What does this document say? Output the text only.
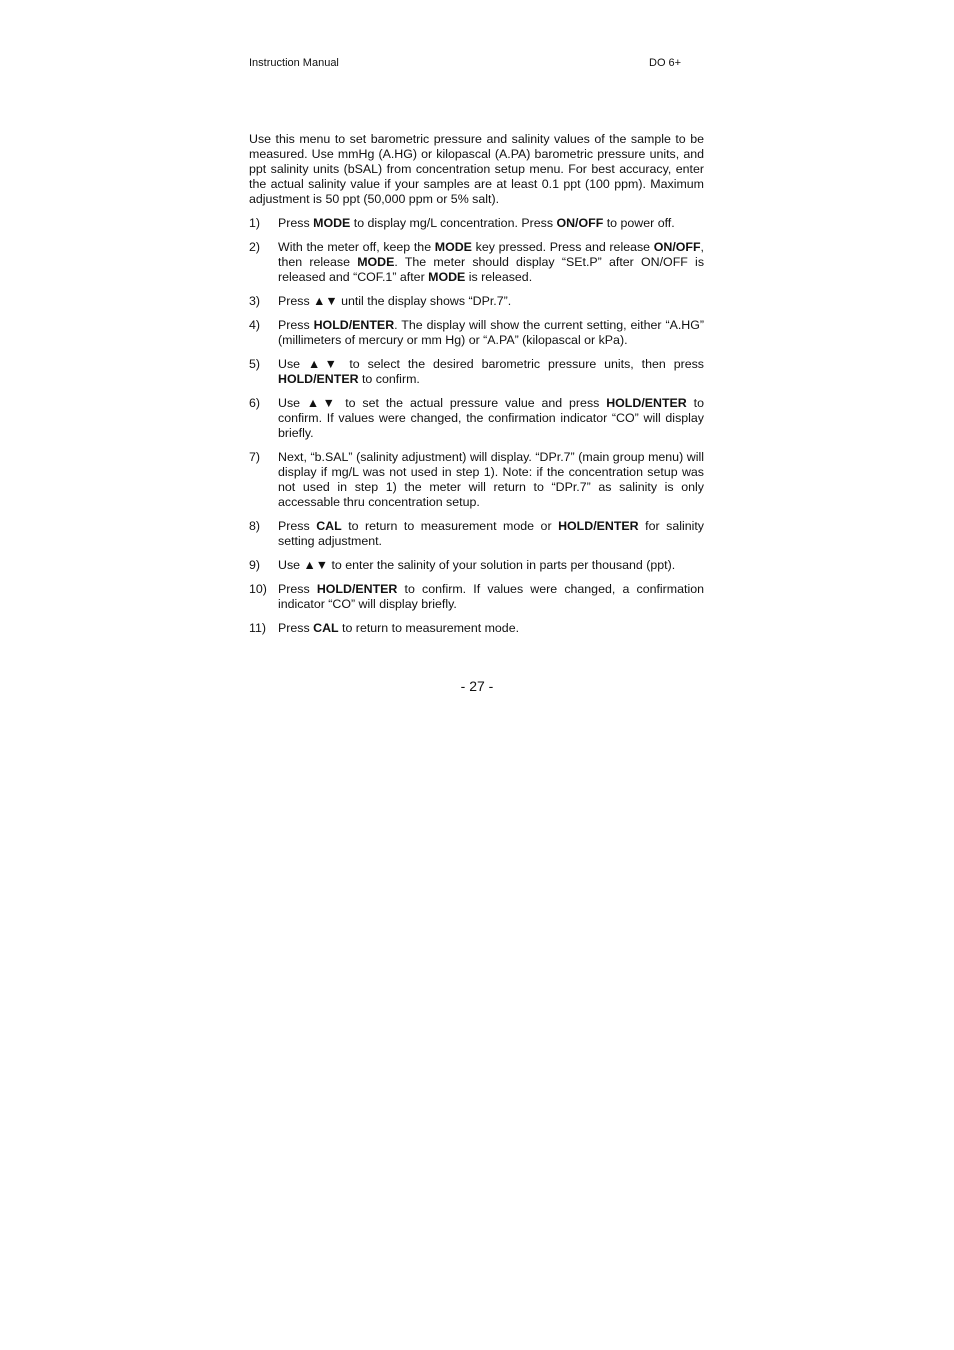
Instruction Manual	DO 6+

Use this menu to set barometric pressure and salinity values of the sample to be measured. Use mmHg (A.HG) or kilopascal (A.PA) barometric pressure units, and ppt salinity units (bSAL) from concentration setup menu. For best accuracy, enter the actual salinity value if your samples are at least 0.1 ppt (100 ppm). Maximum adjustment is 50 ppt (50,000 ppm or 5% salt).

1)	Press MODE to display mg/L concentration. Press ON/OFF to power off.
2)	With the meter off, keep the MODE key pressed. Press and release ON/OFF, then release MODE. The meter should display “SEt.P” after ON/OFF is released and “COF.1” after MODE is released.
3)	Press ▲▼ until the display shows “DPr.7”.
4)	Press HOLD/ENTER. The display will show the current setting, either “A.HG” (millimeters of mercury or mm Hg) or “A.PA” (kilopascal or kPa).
5)	Use ▲▼ to select the desired barometric pressure units, then press HOLD/ENTER to confirm.
6)	Use ▲▼ to set the actual pressure value and press HOLD/ENTER to confirm. If values were changed, the confirmation indicator “CO” will display briefly.
7)	Next, “b.SAL” (salinity adjustment) will display. “DPr.7” (main group menu) will display if mg/L was not used in step 1). Note: if the concentration setup was not used in step 1) the meter will return to “DPr.7” as salinity is only accessable thru concentration setup.
8)	Press CAL to return to measurement mode or HOLD/ENTER for salinity setting adjustment.
9)	Use ▲▼ to enter the salinity of your solution in parts per thousand (ppt).
10) Press HOLD/ENTER to confirm. If values were changed, a confirmation indicator “CO” will display briefly.
11) Press CAL to return to measurement mode.
- 27 -
